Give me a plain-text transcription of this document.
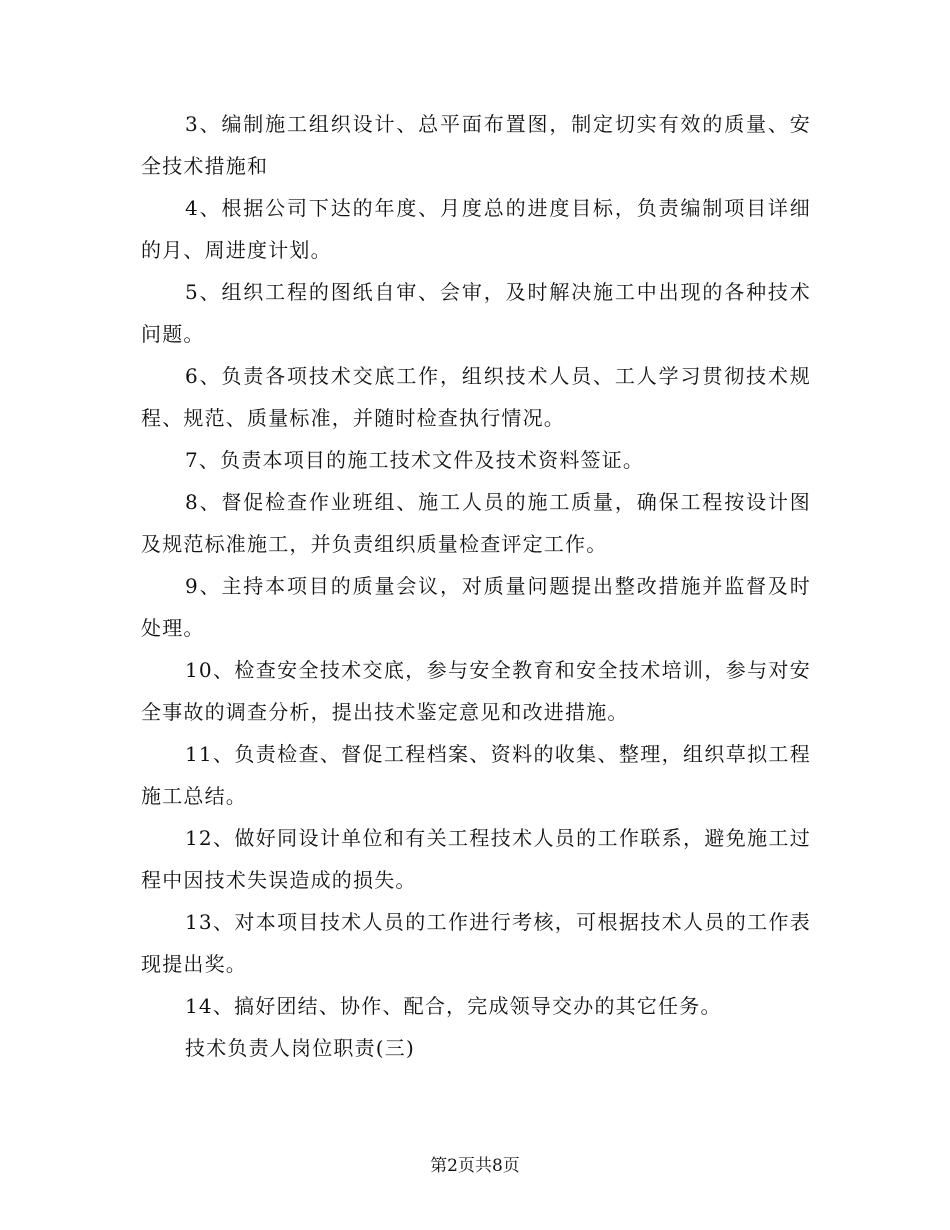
3、编制施工组织设计、总平面布置图，制定切实有效的质量、安全技术措施和

4、根据公司下达的年度、月度总的进度目标，负责编制项目详细的月、周进度计划。

5、组织工程的图纸自审、会审，及时解决施工中出现的各种技术问题。

6、负责各项技术交底工作，组织技术人员、工人学习贯彻技术规程、规范、质量标准，并随时检查执行情况。

7、负责本项目的施工技术文件及技术资料签证。

8、督促检查作业班组、施工人员的施工质量，确保工程按设计图及规范标准施工，并负责组织质量检查评定工作。

9、主持本项目的质量会议，对质量问题提出整改措施并监督及时处理。

10、检查安全技术交底，参与安全教育和安全技术培训，参与对安全事故的调查分析，提出技术鉴定意见和改进措施。

11、负责检查、督促工程档案、资料的收集、整理，组织草拟工程施工总结。

12、做好同设计单位和有关工程技术人员的工作联系，避免施工过程中因技术失误造成的损失。

13、对本项目技术人员的工作进行考核，可根据技术人员的工作表现提出奖。

14、搞好团结、协作、配合，完成领导交办的其它任务。

技术负责人岗位职责(三)

第2页共8页
